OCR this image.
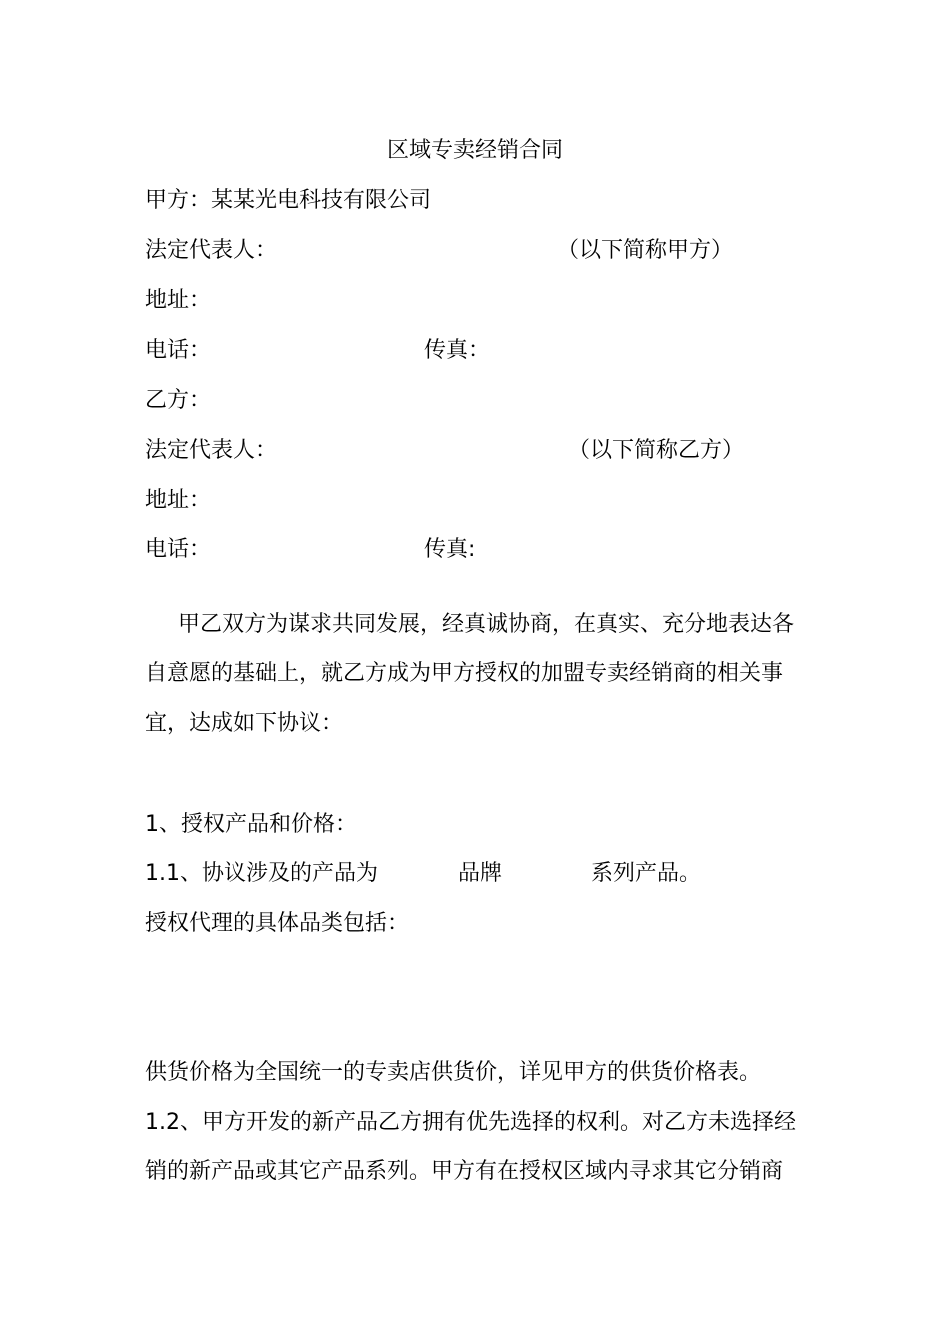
区域专卖经销合同
甲方：某某光电科技有限公司
法定代表人：	（以下简称甲方）
地址：
电话：	传真：
乙方：
法定代表人：	（以下简称乙方）
地址：
电话：	传真:
甲乙双方为谋求共同发展，经真诚协商，在真实、充分地表达各
自意愿的基础上，就乙方成为甲方授权的加盟专卖经销商的相关事
宜，达成如下协议：
1、授权产品和价格：
1.1、协议涉及的产品为	品牌	系列产品。
授权代理的具体品类包括：
供货价格为全国统一的专卖店供货价，详见甲方的供货价格表。
1.2、甲方开发的新产品乙方拥有优先选择的权利。对乙方未选择经
销的新产品或其它产品系列。甲方有在授权区域内寻求其它分销商
